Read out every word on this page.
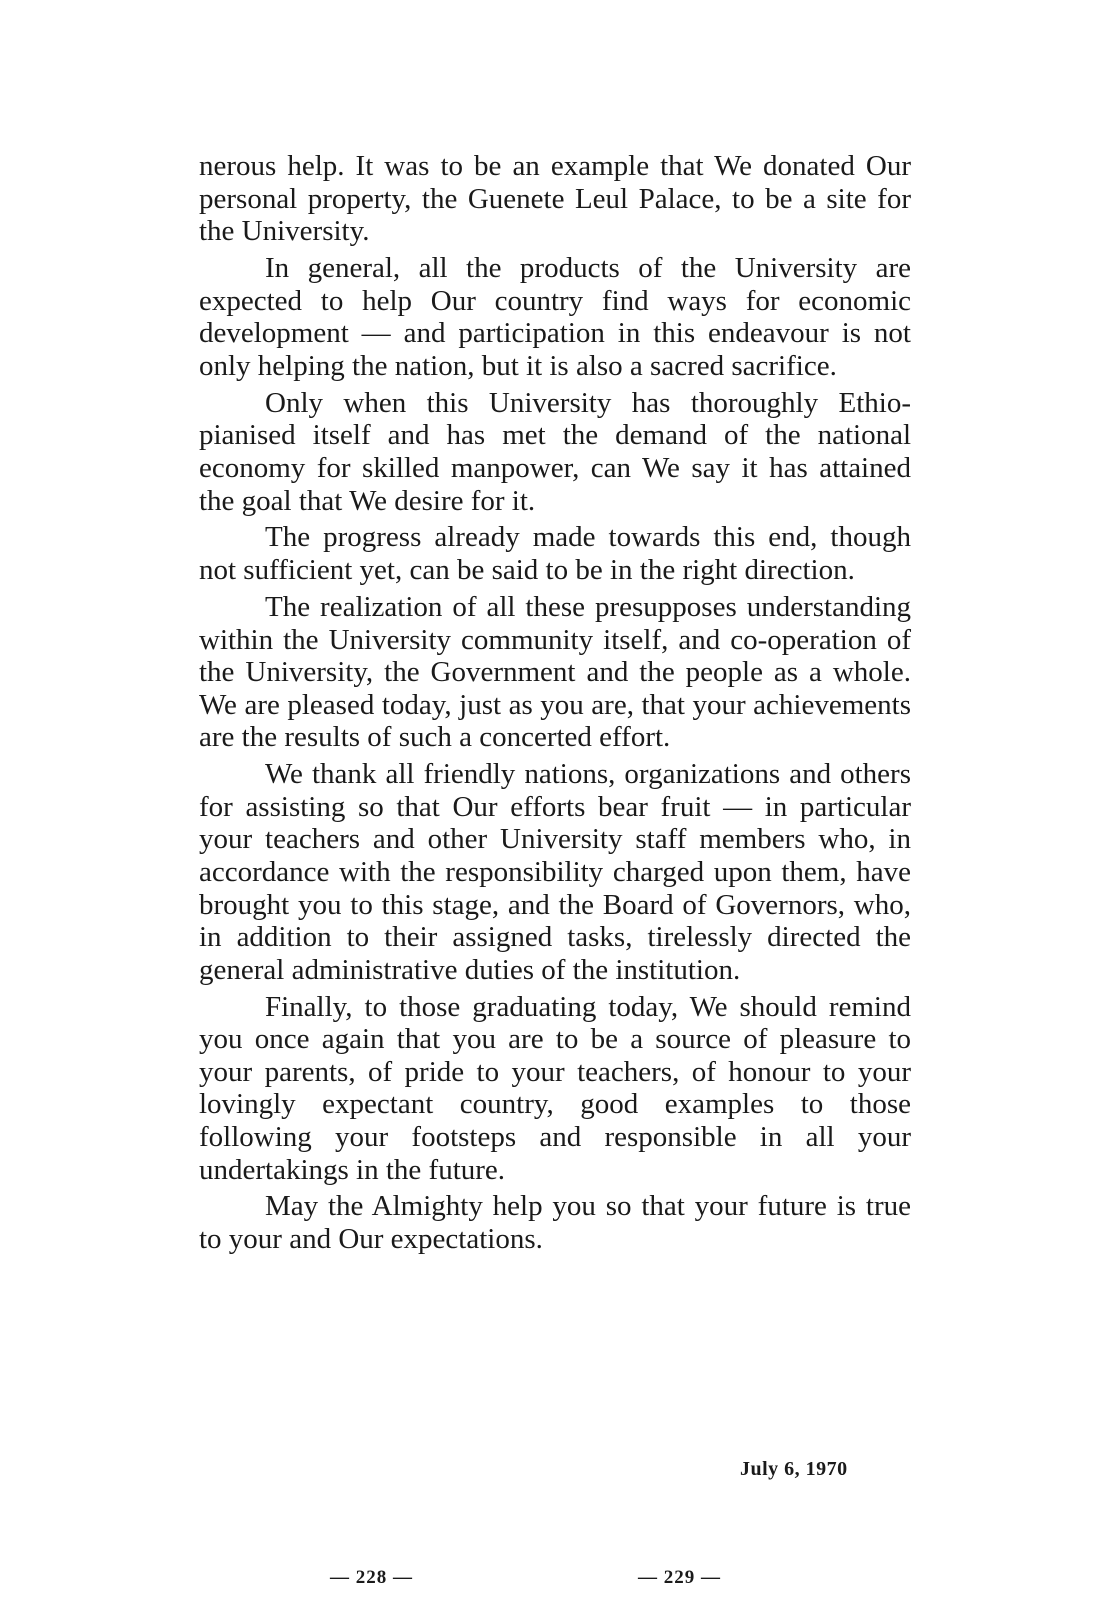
nerous help. It was to be an example that We donated Our personal property, the Guenete Leul Palace, to be a site for the University.

In general, all the products of the University are expected to help Our country find ways for economic development — and participation in this endeavour is not only helping the nation, but it is also a sacred sacrifice.

Only when this University has thoroughly Ethiopianised itself and has met the demand of the national economy for skilled manpower, can We say it has attained the goal that We desire for it.

The progress already made towards this end, though not sufficient yet, can be said to be in the right direction.

The realization of all these presupposes understanding within the University community itself, and co-operation of the University, the Government and the people as a whole. We are pleased today, just as you are, that your achievements are the results of such a concerted effort.

We thank all friendly nations, organizations and others for assisting so that Our efforts bear fruit — in particular your teachers and other University staff members who, in accordance with the responsibility charged upon them, have brought you to this stage, and the Board of Governors, who, in addition to their assigned tasks, tirelessly directed the general administrative duties of the institution.

Finally, to those graduating today, We should remind you once again that you are to be a source of pleasure to your parents, of pride to your teachers, of honour to your lovingly expectant country, good examples to those following your footsteps and responsible in all your undertakings in the future.

May the Almighty help you so that your future is true to your and Our expectations.

July 6, 1970
— 228 —	— 229 —
